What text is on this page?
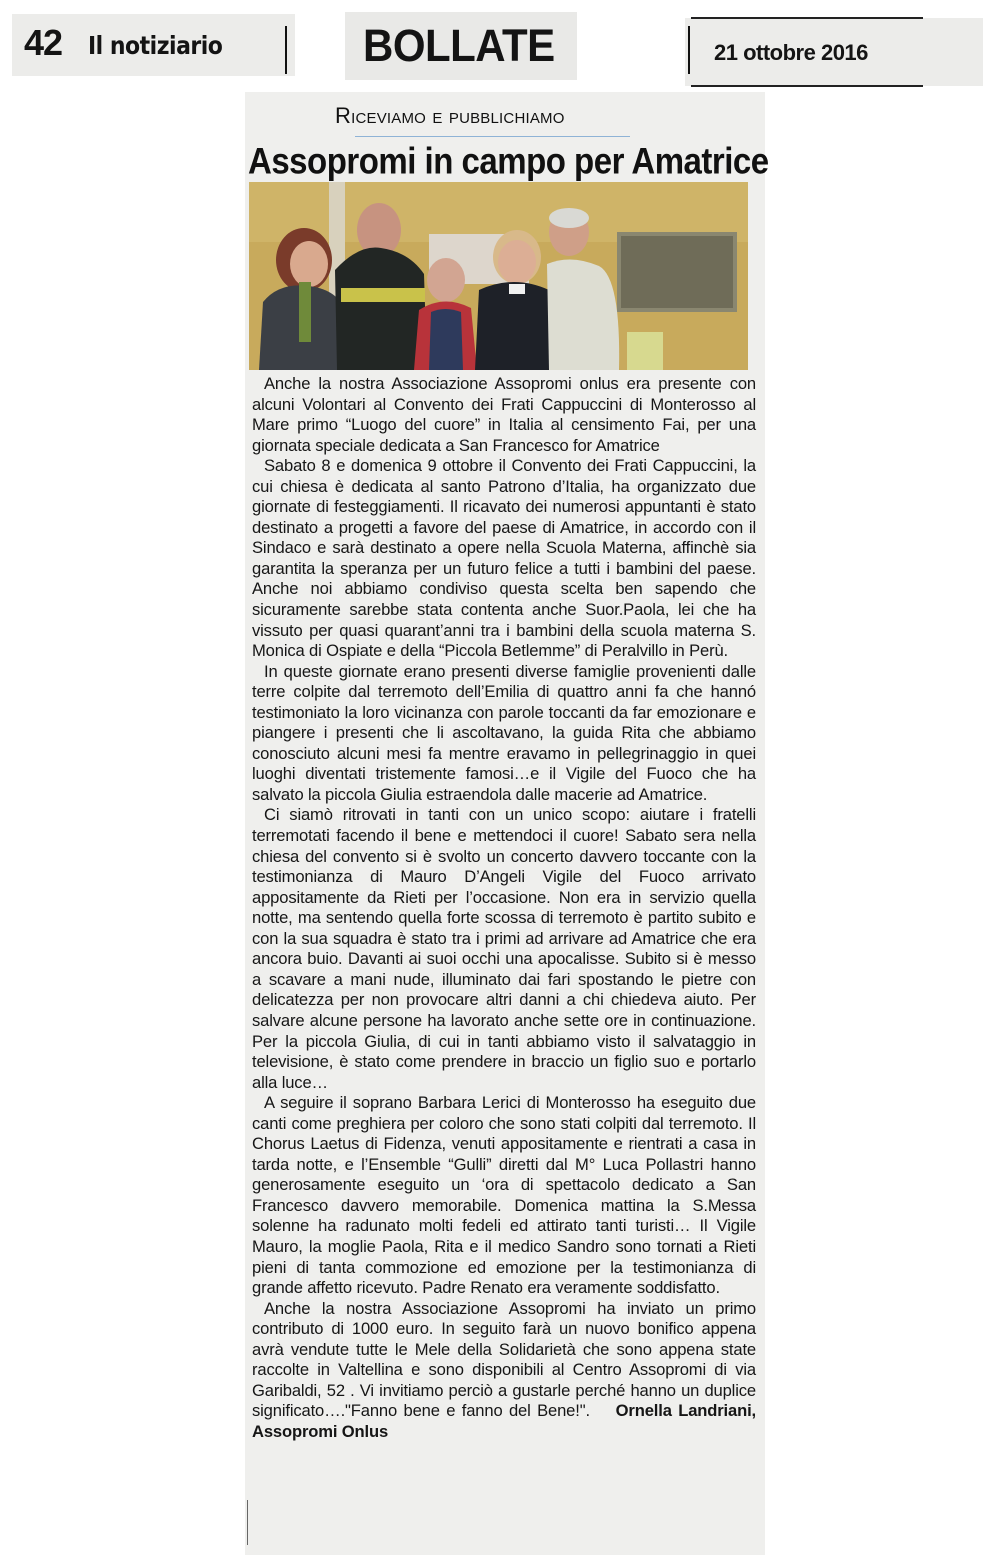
42 Il notiziario	BOLLATE	21 ottobre 2016
Riceviamo e pubblichiamo
Assopromi in campo per Amatrice

Anche la nostra Associazione Assopromi onlus era presente con alcuni Volontari al Convento dei Frati Cappuccini di Monterosso al Mare primo “Luogo del cuore” in Italia al censimento Fai, per una giornata speciale dedicata a San Francesco for Amatrice

Sabato 8 e domenica 9 ottobre il Convento dei Frati Cappuccini, la cui chiesa è dedicata al santo Patrono d’Italia, ha organizzato due giornate di festeggiamenti. Il ricavato dei numerosi appuntanti è stato destinato a progetti a favore del paese di Amatrice, in accordo con il Sindaco e sarà destinato a opere nella Scuola Materna, affinchè sia garantita la speranza per un futuro felice a tutti i bambini del paese. Anche noi abbiamo condiviso questa scelta ben sapendo che sicuramente sarebbe stata contenta anche Suor.Paola, lei che ha vissuto per quasi quarant’anni tra i bambini della scuola materna S. Monica di Ospiate e della “Piccola Betlemme” di Peralvillo in Perù.

In queste giornate erano presenti diverse famiglie provenienti dalle terre colpite dal terremoto dell’Emilia di quattro anni fa che hannó testimoniato la loro vicinanza con parole toccanti da far emozionare e piangere i presenti che li ascoltavano, la guida Rita che abbiamo conosciuto alcuni mesi fa mentre eravamo in pellegrinaggio in quei luoghi diventati tristemente famosi…e il Vigile del Fuoco che ha salvato la piccola Giulia estraendola dalle macerie ad Amatrice.

Ci siamò ritrovati in tanti con un unico scopo: aiutare i fratelli terremotati facendo il bene e mettendoci il cuore! Sabato sera nella chiesa del convento si è svolto un concerto davvero toccante con la testimonianza di Mauro D’Angeli Vigile del Fuoco arrivato appositamente da Rieti per l’occasione. Non era in servizio quella notte, ma sentendo quella forte scossa di terremoto è partito subito e con la sua squadra è stato tra i primi ad arrivare ad Amatrice che era ancora buio. Davanti ai suoi occhi una apocalisse. Subito si è messo a scavare a mani nude, illuminato dai fari spostando le pietre con delicatezza per non provocare altri danni a chi chiedeva aiuto. Per salvare alcune persone ha lavorato anche sette ore in continuazione. Per la piccola Giulia, di cui in tanti abbiamo visto il salvataggio in televisione, è stato come prendere in braccio un figlio suo e portarlo alla luce…

A seguire il soprano Barbara Lerici di Monterosso ha eseguito due canti come preghiera per coloro che sono stati colpiti dal terremoto. Il Chorus Laetus di Fidenza, venuti appositamente e rientrati a casa in tarda notte, e l’Ensemble “Gulli” diretti dal M° Luca Pollastri hanno generosamente eseguito un ‘ora di spettacolo dedicato a San Francesco davvero memorabile. Domenica mattina la S.Messa solenne ha radunato molti fedeli ed attirato tanti turisti… Il Vigile Mauro, la moglie Paola, Rita e il medico Sandro sono tornati a Rieti pieni di tanta commozione ed emozione per la testimonianza di grande affetto ricevuto. Padre Renato era veramente soddisfatto.

Anche la nostra Associazione Assopromi ha inviato un primo contributo di 1000 euro. In seguito farà un nuovo bonifico appena avrà vendute tutte le Mele della Solidarietà che sono appena state raccolte in Valtellina e sono disponibili al Centro Assopromi di via Garibaldi, 52 . Vi invitiamo perciò a gustarle perché hanno un duplice significato…."Fanno bene e fanno del Bene!". Ornella Landriani, Assopromi Onlus
